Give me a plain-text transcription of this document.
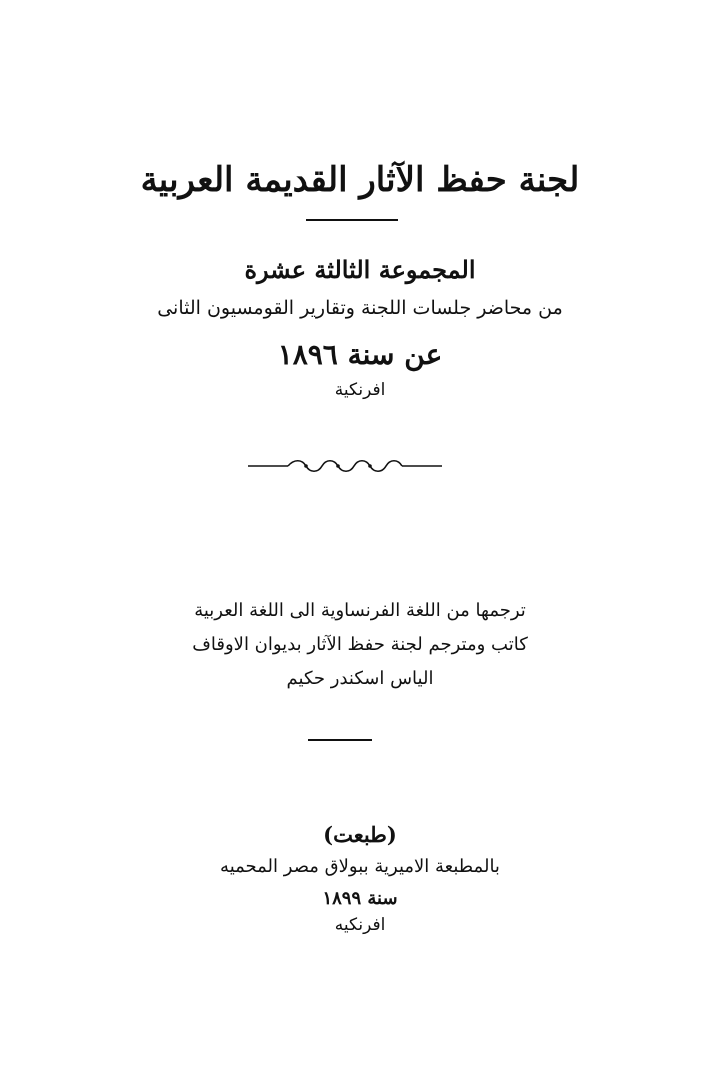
لجنة حفظ الآثار القديمة العربية
المجموعة الثالثة عشرة
من محاضر جلسات اللجنة وتقارير القومسيون الثانى
عن سنة ١٨٩٦
افرنكية
ترجمها من اللغة الفرنساوية الى اللغة العربية
كاتب ومترجم لجنة حفظ الآثار بديوان الاوقاف
الياس اسكندر حكيم
(طبعت)
بالمطبعة الاميرية ببولاق مصر المحميه
سنة ١٨٩٩
افرنكيه
